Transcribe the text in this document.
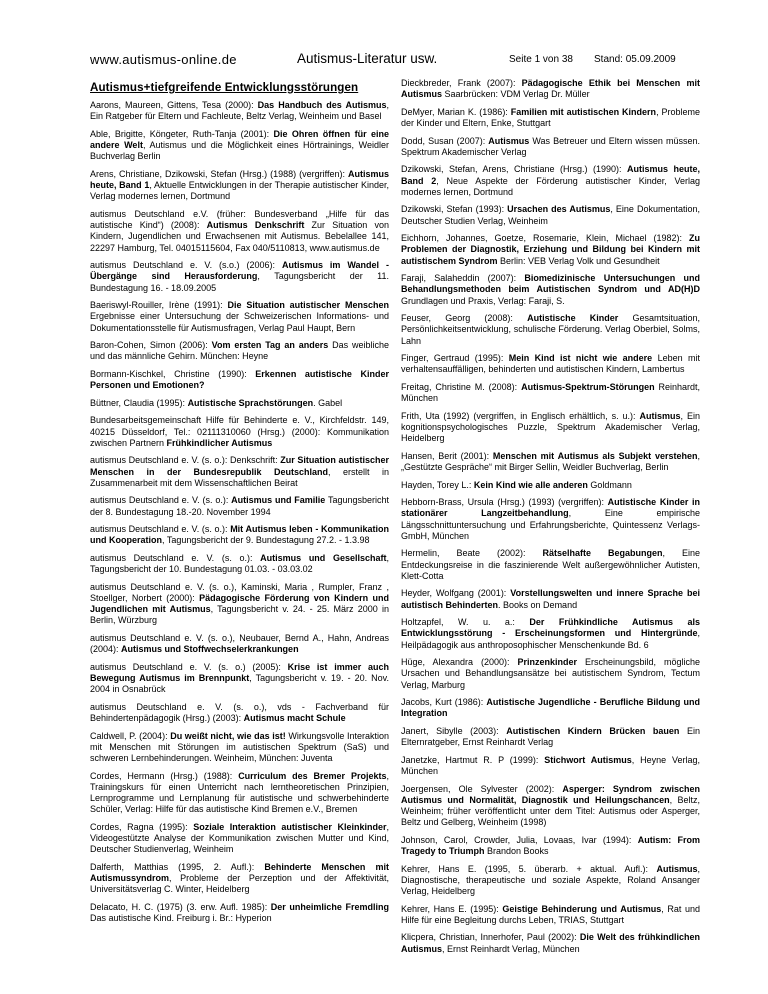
www.autismus-online.de	Autismus-Literatur usw.	Seite 1 von 38 Stand: 05.09.2009
Autismus+tiefgreifende Entwicklungsstörungen

Aarons, Maureen, Gittens, Tesa (2000): Das Handbuch des Autismus, Ein Ratgeber für Eltern und Fachleute, Beltz Verlag, Weinheim und Basel

Able, Brigitte, Köngeter, Ruth-Tanja (2001): Die Ohren öffnen für eine andere Welt, Autismus und die Möglichkeit eines Hörtrainings, Weidler Buchverlag Berlin

Arens, Christiane, Dzikowski, Stefan (Hrsg.) (1988) (vergriffen): Autismus heute, Band 1, Aktuelle Entwicklungen in der Therapie autistischer Kinder, Verlag modernes lernen, Dortmund

autismus Deutschland e.V. (früher: Bundesverband „Hilfe für das autistische Kind“) (2008): Autismus Denkschrift Zur Situation von Kindern, Jugendlichen und Erwachsenen mit Autismus. Bebelallee 141, 22297 Hamburg, Tel. 04015115604, Fax 040/5110813, www.autismus.de

autismus Deutschland e. V. (s.o.) (2006): Autismus im Wandel - Übergänge sind Herausforderung, Tagungsbericht der 11. Bundestagung 16. - 18.09.2005

Baeriswyl-Rouiller, Irène (1991): Die Situation autistischer Menschen Ergebnisse einer Untersuchung der Schweizerischen Informations- und Dokumentationsstelle für Autismusfragen, Verlag Paul Haupt, Bern

Baron-Cohen, Simon (2006): Vom ersten Tag an anders Das weibliche und das männliche Gehirn. München: Heyne

Bormann-Kischkel, Christine (1990): Erkennen autistische Kinder Personen und Emotionen?

Büttner, Claudia (1995): Autistische Sprachstörungen. Gabel

Bundesarbeitsgemeinschaft Hilfe für Behinderte e. V., Kirchfeldstr. 149, 40215 Düsseldorf, Tel.: 02111310060 (Hrsg.) (2000): Kommunikation zwischen Partnern Frühkindlicher Autismus

autismus Deutschland e. V. (s. o.): Denkschrift: Zur Situation autistischer Menschen in der Bundesrepublik Deutschland, erstellt in Zusammenarbeit mit dem Wissenschaftlichen Beirat

autismus Deutschland e. V. (s. o.): Autismus und Familie Tagungsbericht der 8. Bundestagung 18.-20. November 1994

autismus Deutschland e. V. (s. o.): Mit Autismus leben - Kommunikation und Kooperation, Tagungsbericht der 9. Bundestagung 27.2. - 1.3.98

autismus Deutschland e. V. (s. o.): Autismus und Gesellschaft, Tagungsbericht der 10. Bundestagung 01.03. - 03.03.02

autismus Deutschland e. V. (s. o.), Kaminski, Maria , Rumpler, Franz , Stoellger, Norbert (2000): Pädagogische Förderung von Kindern und Jugendlichen mit Autismus, Tagungsbericht v. 24. - 25. März 2000 in Berlin, Würzburg

autismus Deutschland e. V. (s. o.), Neubauer, Bernd A., Hahn, Andreas (2004): Autismus und Stoffwechselerkrankungen

autismus Deutschland e. V. (s. o.) (2005): Krise ist immer auch Bewegung Autismus im Brennpunkt, Tagungsbericht v. 19. - 20. Nov. 2004 in Osnabrück

autismus Deutschland e. V. (s. o.), vds - Fachverband für Behindertenpädagogik (Hrsg.) (2003): Autismus macht Schule

Caldwell, P. (2004): Du weißt nicht, wie das ist! Wirkungsvolle Interaktion mit Menschen mit Störungen im autistischen Spektrum (SaS) und schweren Lernbehinderungen. Weinheim, München: Juventa

Cordes, Hermann (Hrsg.) (1988): Curriculum des Bremer Projekts, Trainingskurs für einen Unterricht nach lerntheoretischen Prinzipien, Lernprogramme und Lernplanung für autistische und schwerbehinderte Schüler, Verlag: Hilfe für das autistische Kind Bremen e.V., Bremen

Cordes, Ragna (1995): Soziale Interaktion autistischer Kleinkinder, Videogestützte Analyse der Kommunikation zwischen Mutter und Kind, Deutscher Studienverlag, Weinheim

Dalferth, Matthias (1995, 2. Aufl.): Behinderte Menschen mit Autismussyndrom, Probleme der Perzeption und der Affektivität, Universitätsverlag C. Winter, Heidelberg

Delacato, H. C. (1975) (3. erw. Aufl. 1985): Der unheimliche Fremdling Das autistische Kind. Freiburg i. Br.: Hyperion

Dieckbreder, Frank (2007): Pädagogische Ethik bei Menschen mit Autismus Saarbrücken: VDM Verlag Dr. Müller

DeMyer, Marian K. (1986): Familien mit autistischen Kindern, Probleme der Kinder und Eltern, Enke, Stuttgart

Dodd, Susan (2007): Autismus Was Betreuer und Eltern wissen müssen. Spektrum Akademischer Verlag

Dzikowski, Stefan, Arens, Christiane (Hrsg.) (1990): Autismus heute, Band 2, Neue Aspekte der Förderung autistischer Kinder, Verlag modernes lernen, Dortmund

Dzikowski, Stefan (1993): Ursachen des Autismus, Eine Dokumentation, Deutscher Studien Verlag, Weinheim

Eichhorn, Johannes, Goetze, Rosemarie, Klein, Michael (1982): Zu Problemen der Diagnostik, Erziehung und Bildung bei Kindern mit autistischem Syndrom Berlin: VEB Verlag Volk und Gesundheit

Faraji, Salaheddin (2007): Biomedizinische Untersuchungen und Behandlungsmethoden beim Autistischen Syndrom und AD(H)D Grundlagen und Praxis, Verlag: Faraji, S.

Feuser, Georg (2008): Autistische Kinder Gesamtsituation, Persönlichkeitsentwicklung, schulische Förderung. Verlag Oberbiel, Solms, Lahn

Finger, Gertraud (1995): Mein Kind ist nicht wie andere Leben mit verhaltensauffälligen, behinderten und autistischen Kindern, Lambertus

Freitag, Christine M. (2008): Autismus-Spektrum-Störungen Reinhardt, München

Frith, Uta (1992) (vergriffen, in Englisch erhältlich, s. u.): Autismus, Ein kognitionspsychologisches Puzzle, Spektrum Akademischer Verlag, Heidelberg

Hansen, Berit (2001): Menschen mit Autismus als Subjekt verstehen, „Gestützte Gespräche“ mit Birger Sellin, Weidler Buchverlag, Berlin

Hayden, Torey L.: Kein Kind wie alle anderen Goldmann

Hebborn-Brass, Ursula (Hrsg.) (1993) (vergriffen): Autistische Kinder in stationärer Langzeitbehandlung, Eine empirische Längsschnittuntersuchung und Erfahrungsberichte, Quintessenz Verlags-GmbH, München

Hermelin, Beate (2002): Rätselhafte Begabungen, Eine Entdeckungsreise in die faszinierende Welt außergewöhnlicher Autisten, Klett-Cotta

Heyder, Wolfgang (2001): Vorstellungswelten und innere Sprache bei autistisch Behinderten. Books on Demand

Holtzapfel, W. u. a.: Der Frühkindliche Autismus als Entwicklungsstörung - Erscheinungsformen und Hintergründe, Heilpädagogik aus anthroposophischer Menschenkunde Bd. 6

Hüge, Alexandra (2000): Prinzenkinder Erscheinungsbild, mögliche Ursachen und Behandlungsansätze bei autistischem Syndrom, Tectum Verlag, Marburg

Jacobs, Kurt (1986): Autistische Jugendliche - Berufliche Bildung und Integration

Janert, Sibylle (2003): Autistischen Kindern Brücken bauen Ein Elternratgeber, Ernst Reinhardt Verlag

Janetzke, Hartmut R. P (1999): Stichwort Autismus, Heyne Verlag, München

Joergensen, Ole Sylvester (2002): Asperger: Syndrom zwischen Autismus und Normalität, Diagnostik und Heilungschancen, Beltz, Weinheim; früher veröffentlicht unter dem Titel: Autismus oder Asperger, Beltz und Gelberg, Weinheim (1998)

Johnson, Carol, Crowder, Julia, Lovaas, Ivar (1994): Autism: From Tragedy to Triumph Brandon Books

Kehrer, Hans E. (1995, 5. überarb. + aktual. Aufl.): Autismus, Diagnostische, therapeutische und soziale Aspekte, Roland Ansanger Verlag, Heidelberg

Kehrer, Hans E. (1995): Geistige Behinderung und Autismus, Rat und Hilfe für eine Begleitung durchs Leben, TRIAS, Stuttgart

Klicpera, Christian, Innerhofer, Paul (2002): Die Welt des frühkindlichen Autismus, Ernst Reinhardt Verlag, München
